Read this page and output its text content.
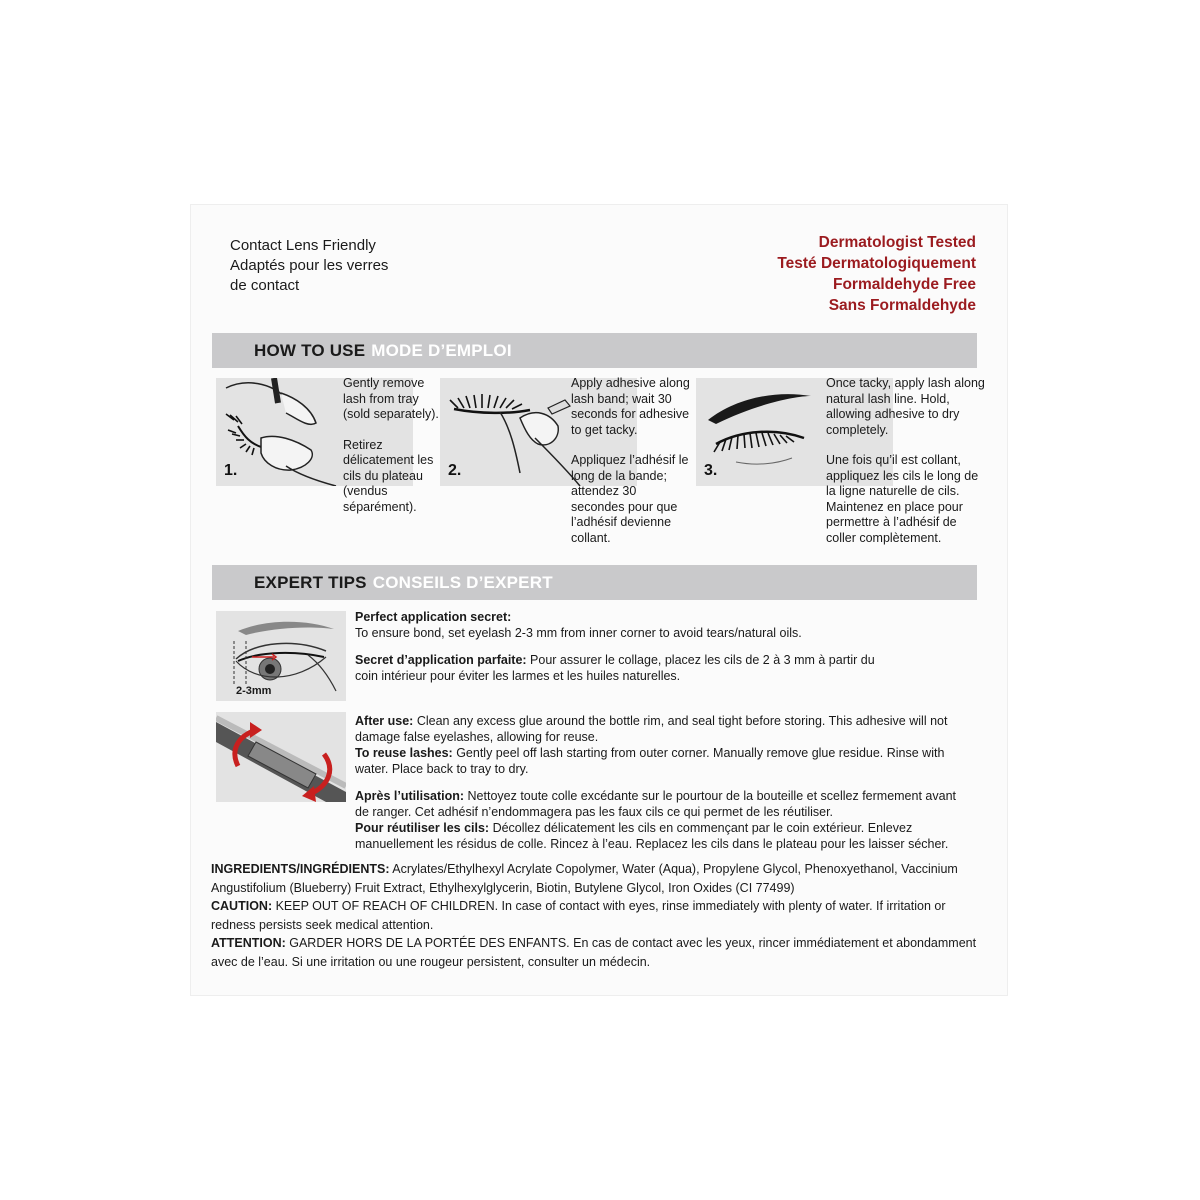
Contact Lens Friendly
Adaptés pour les verres
de contact
Dermatologist Tested
Testé Dermatologiquement
Formaldehyde Free
Sans Formaldehyde
HOW TO USE MODE D’EMPLOI
1.

Gently remove lash from tray (sold separately).

Retirez délicatement les cils du plateau (vendus séparément).

2.

Apply adhesive along lash band; wait 30 seconds for adhesive to get tacky.

Appliquez l’adhésif le long de la bande; attendez 30 secondes pour que l’adhésif devienne collant.

3.

Once tacky, apply lash along natural lash line. Hold, allowing adhesive to dry completely.

Une fois qu’il est collant, appliquez les cils le long de la ligne naturelle de cils. Maintenez en place pour permettre à l’adhésif de coller complètement.

EXPERT TIPS CONSEILS D’EXPERT
2-3mm

Perfect application secret:
To ensure bond, set eyelash 2-3 mm from inner corner to avoid tears/natural oils.

Secret d’application parfaite: Pour assurer le collage, placez les cils de 2 à 3 mm à partir du coin intérieur pour éviter les larmes et les huiles naturelles.

After use: Clean any excess glue around the bottle rim, and seal tight before storing. This adhesive will not damage false eyelashes, allowing for reuse.
To reuse lashes: Gently peel off lash starting from outer corner. Manually remove glue residue. Rinse with water. Place back to tray to dry.

Après l’utilisation: Nettoyez toute colle excédante sur le pourtour de la bouteille et scellez fermement avant de ranger. Cet adhésif n’endommagera pas les faux cils ce qui permet de les réutiliser.
Pour réutiliser les cils: Décollez délicatement les cils en commençant par le coin extérieur. Enlevez manuellement les résidus de colle. Rincez à l’eau. Replacez les cils dans le plateau pour les laisser sécher.

INGREDIENTS/INGRÉDIENTS: Acrylates/Ethylhexyl Acrylate Copolymer, Water (Aqua), Propylene Glycol, Phenoxyethanol, Vaccinium Angustifolium (Blueberry) Fruit Extract, Ethylhexylglycerin, Biotin, Butylene Glycol, Iron Oxides (CI 77499)
CAUTION: KEEP OUT OF REACH OF CHILDREN. In case of contact with eyes, rinse immediately with plenty of water. If irritation or redness persists seek medical attention.
ATTENTION: GARDER HORS DE LA PORTÉE DES ENFANTS. En cas de contact avec les yeux, rincer immédiatement et abondamment avec de l’eau. Si une irritation ou une rougeur persistent, consulter un médecin.
